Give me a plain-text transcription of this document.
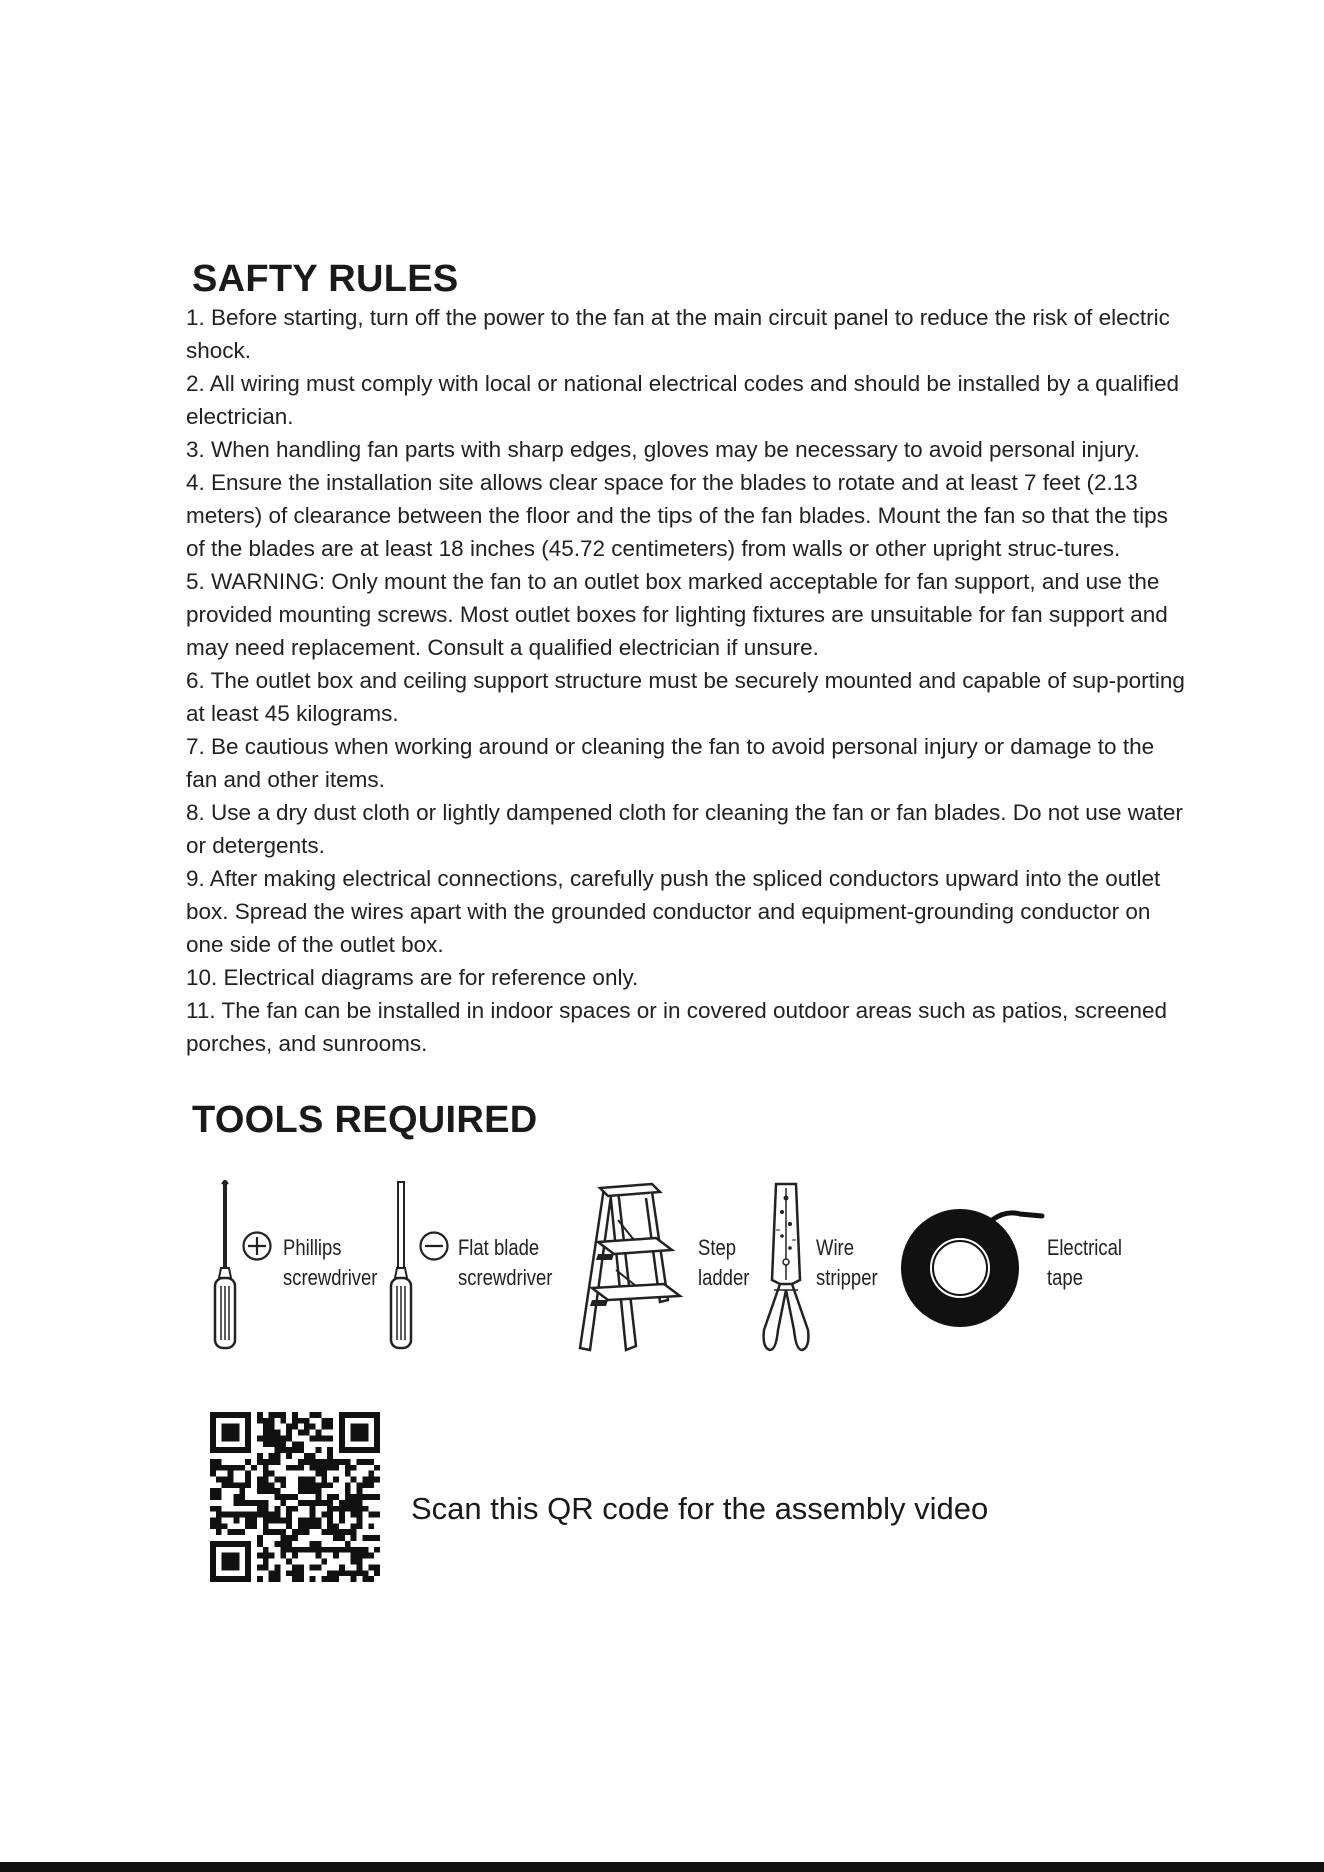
SAFTY RULES

1. Before starting, turn off the power to the fan at the main circuit panel to reduce the risk of electric shock.

2. All wiring must comply with local or national electrical codes and should be installed by a qualified electrician.

3. When handling fan parts with sharp edges, gloves may be necessary to avoid personal injury.

4. Ensure the installation site allows clear space for the blades to rotate and at least 7 feet (2.13 meters) of clearance between the floor and the tips of the fan blades. Mount the fan so that the tips of the blades are at least 18 inches (45.72 centimeters) from walls or other upright struc-tures.

5. WARNING: Only mount the fan to an outlet box marked acceptable for fan support, and use the provided mounting screws. Most outlet boxes for lighting fixtures are unsuitable for fan support and may need replacement. Consult a qualified electrician if unsure.

6. The outlet box and ceiling support structure must be securely mounted and capable of sup-porting at least 45 kilograms.

7. Be cautious when working around or cleaning the fan to avoid personal injury or damage to the fan and other items.

8. Use a dry dust cloth or lightly dampened cloth for cleaning the fan or fan blades. Do not use water or detergents.

9. After making electrical connections, carefully push the spliced conductors upward into the outlet box. Spread the wires apart with the grounded conductor and equipment-grounding conductor on one side of the outlet box.

10. Electrical diagrams are for reference only.

11. The fan can be installed in indoor spaces or in covered outdoor areas such as patios, screened porches, and sunrooms.

TOOLS REQUIRED
Phillips
screwdriver
Flat blade
screwdriver
Step
ladder
Wire
stripper
Electrical
tape
Scan this QR code for the assembly video
